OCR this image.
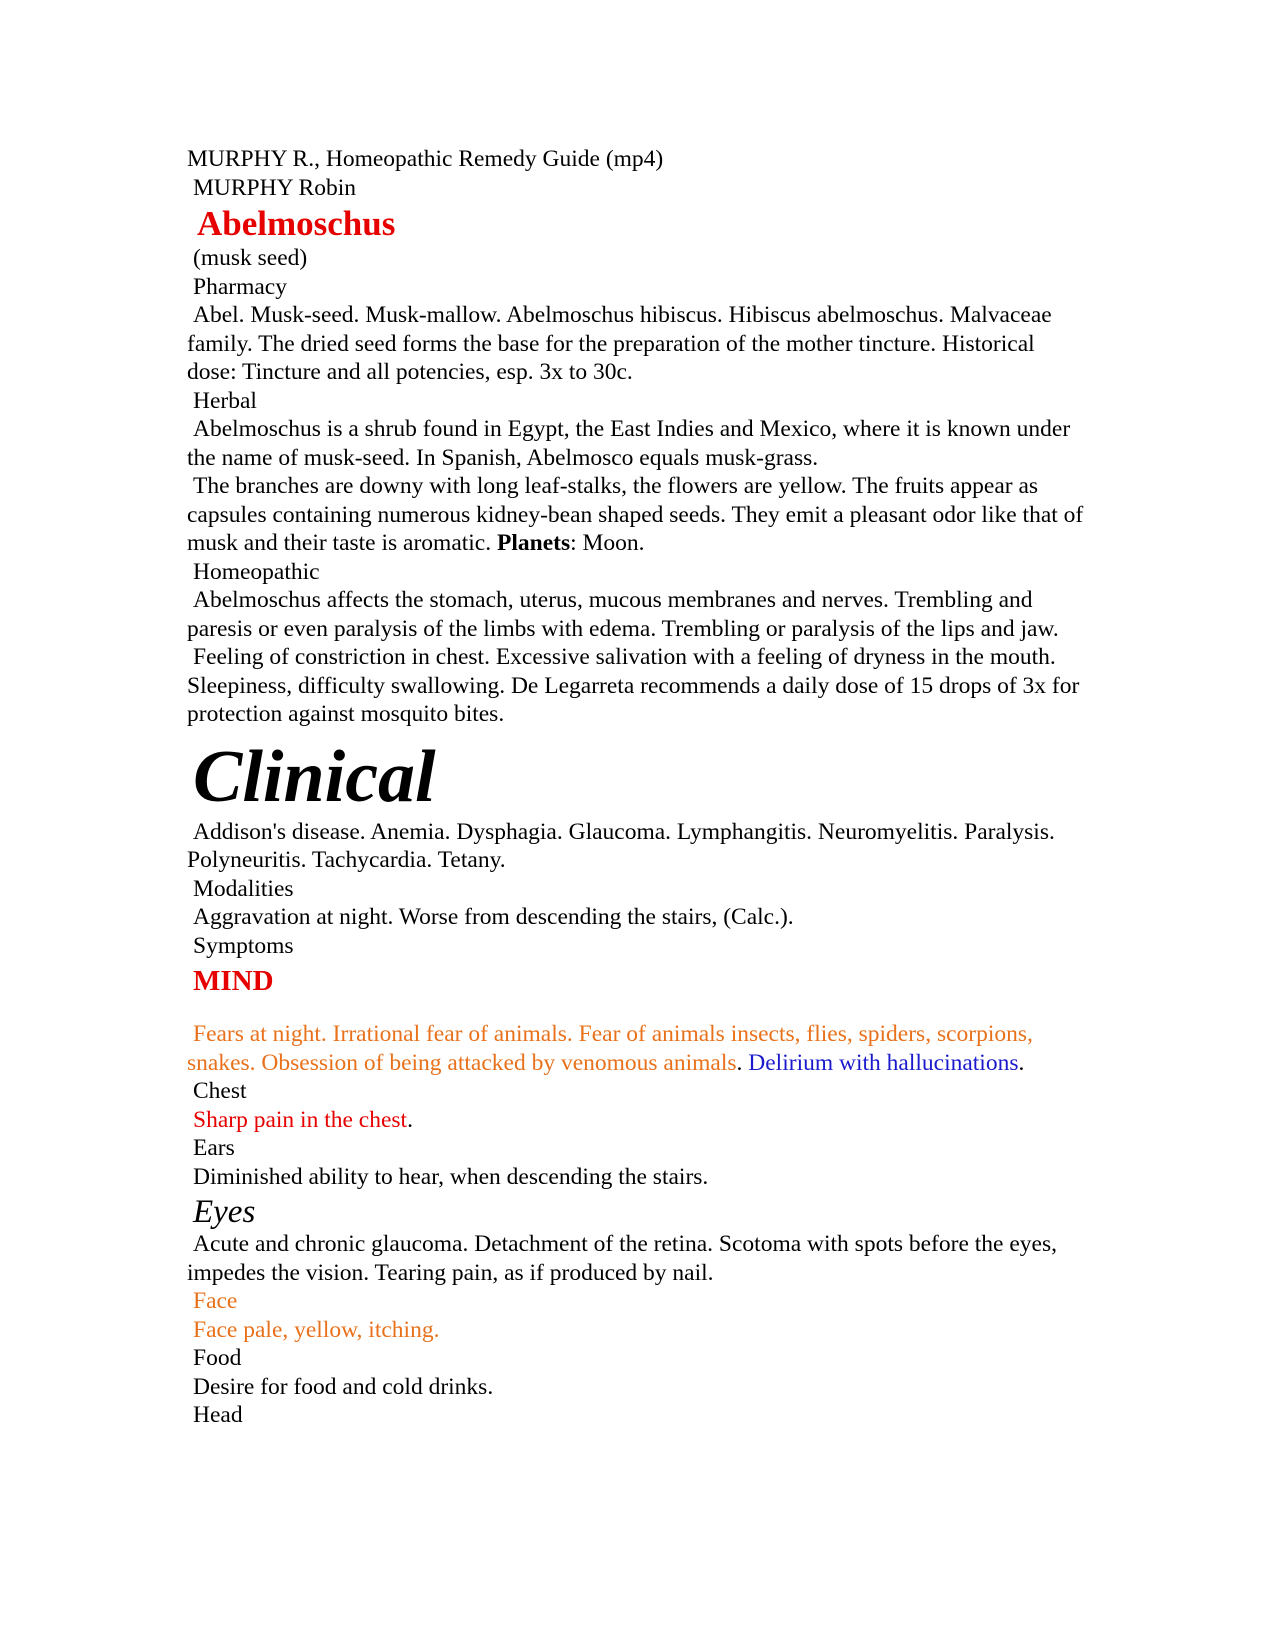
MURPHY R., Homeopathic Remedy Guide (mp4)
MURPHY Robin
Abelmoschus
(musk seed)
Pharmacy
Abel. Musk-seed. Musk-mallow. Abelmoschus hibiscus. Hibiscus abelmoschus. Malvaceae family. The dried seed forms the base for the preparation of the mother tincture. Historical dose: Tincture and all potencies, esp. 3x to 30c.
Herbal
Abelmoschus is a shrub found in Egypt, the East Indies and Mexico, where it is known under the name of musk-seed. In Spanish, Abelmosco equals musk-grass.
The branches are downy with long leaf-stalks, the flowers are yellow. The fruits appear as capsules containing numerous kidney-bean shaped seeds. They emit a pleasant odor like that of musk and their taste is aromatic. Planets: Moon.
Homeopathic
Abelmoschus affects the stomach, uterus, mucous membranes and nerves. Trembling and paresis or even paralysis of the limbs with edema. Trembling or paralysis of the lips and jaw.
Feeling of constriction in chest. Excessive salivation with a feeling of dryness in the mouth. Sleepiness, difficulty swallowing. De Legarreta recommends a daily dose of 15 drops of 3x for protection against mosquito bites.
Clinical
Addison's disease. Anemia. Dysphagia. Glaucoma. Lymphangitis. Neuromyelitis. Paralysis. Polyneuritis. Tachycardia. Tetany.
Modalities
Aggravation at night. Worse from descending the stairs, (Calc.).
Symptoms
MIND
Fears at night. Irrational fear of animals. Fear of animals insects, flies, spiders, scorpions, snakes. Obsession of being attacked by venomous animals. Delirium with hallucinations.
Chest
Sharp pain in the chest.
Ears
Diminished ability to hear, when descending the stairs.
Eyes
Acute and chronic glaucoma. Detachment of the retina. Scotoma with spots before the eyes, impedes the vision. Tearing pain, as if produced by nail.
Face
Face pale, yellow, itching.
Food
Desire for food and cold drinks.
Head
